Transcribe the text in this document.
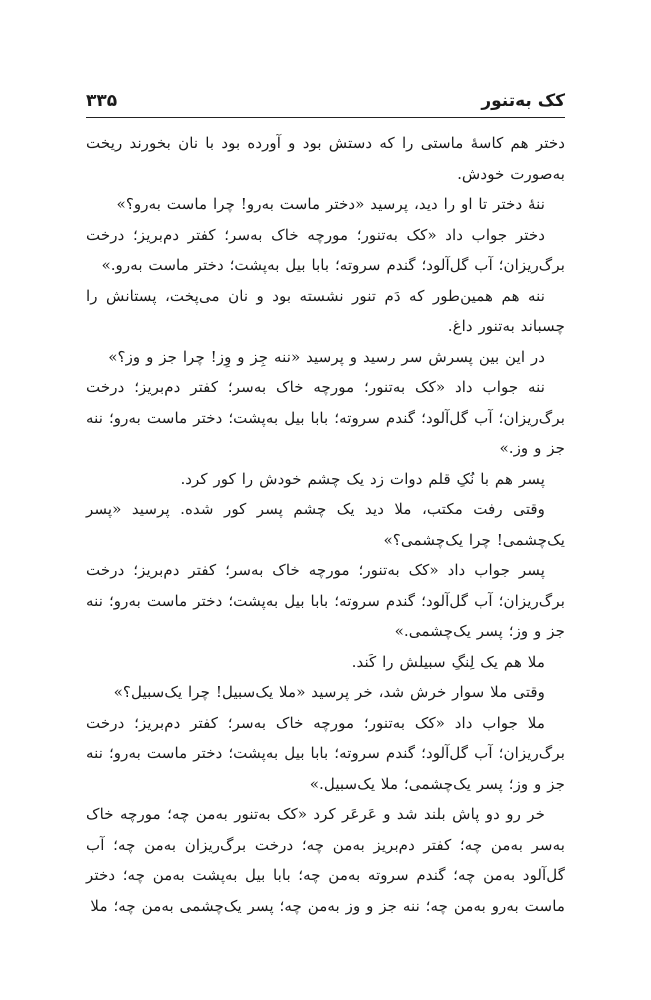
کک به‌تنور
۳۳۵

دختر هم کاسهٔ ماستی را که دستش بود و آورده بود با نان بخورند ریخت به‌صورت خودش.

ننهٔ دختر تا او را دید، پرسید «دختر ماست به‌رو! چرا ماست به‌رو؟»

دختر جواب داد «کک به‌تنور؛ مورچه خاک به‌سر؛ کفتر دم‌بریز؛ درخت برگ‌ریزان؛ آب گل‌آلود؛ گندم سروته؛ بابا بیل به‌پشت؛ دختر ماست به‌رو.»

ننه هم همین‌طور که دَم تنور نشسته بود و نان می‌پخت، پستانش را چسباند به‌تنور داغ.

در این بین پسرش سر رسید و پرسید «ننه جِز و وِز! چرا جز و وز؟»

ننه جواب داد «کک به‌تنور؛ مورچه خاک به‌سر؛ کفتر دم‌بریز؛ درخت برگ‌ریزان؛ آب گل‌آلود؛ گندم سروته؛ بابا بیل به‌پشت؛ دختر ماست به‌رو؛ ننه جز و وز.»

پسر هم با نُکِ قلم دوات زد یک چشم خودش را کور کرد.

وقتی رفت مکتب، ملا دید یک چشم پسر کور شده. پرسید «پسر یک‌چشمی! چرا یک‌چشمی؟»

پسر جواب داد «کک به‌تنور؛ مورچه خاک به‌سر؛ کفتر دم‌بریز؛ درخت برگ‌ریزان؛ آب گل‌آلود؛ گندم سروته؛ بابا بیل به‌پشت؛ دختر ماست به‌رو؛ ننه جز و وز؛ پسر یک‌چشمی.»

ملا هم یک لِنگِ سبیلش را کَند.

وقتی ملا سوار خرش شد، خر پرسید «ملا یک‌سبیل! چرا یک‌سبیل؟»

ملا جواب داد «کک به‌تنور؛ مورچه خاک به‌سر؛ کفتر دم‌بریز؛ درخت برگ‌ریزان؛ آب گل‌آلود؛ گندم سروته؛ بابا بیل به‌پشت؛ دختر ماست به‌رو؛ ننه جز و وز؛ پسر یک‌چشمی؛ ملا یک‌سبیل.»

خر رو دو پاش بلند شد و عَرعَر کرد «کک به‌تنور به‌من چه؛ مورچه خاک به‌سر به‌من چه؛ کفتر دم‌بریز به‌من چه؛ درخت برگ‌ریزان به‌من چه؛ آب گل‌آلود به‌من چه؛ گندم سروته به‌من چه؛ بابا بیل به‌پشت به‌من چه؛ دختر ماست به‌رو به‌من چه؛ ننه جز و وز به‌من چه؛ پسر یک‌چشمی به‌من چه؛ ملا
